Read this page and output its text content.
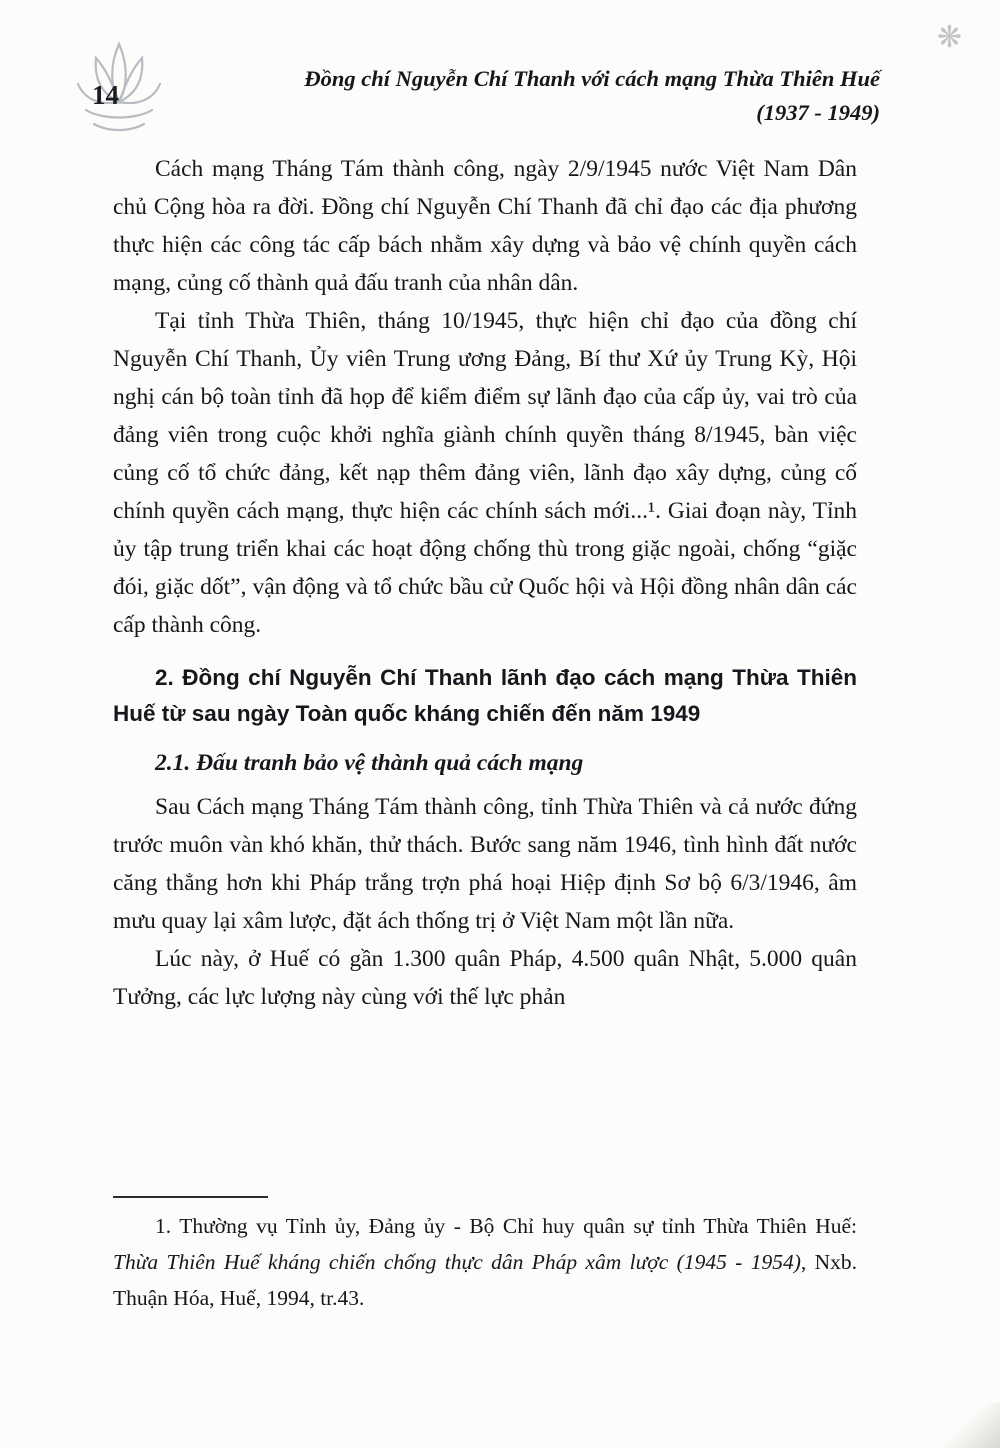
❋
14
Đồng chí Nguyễn Chí Thanh với cách mạng Thừa Thiên Huế
(1937 - 1949)

Cách mạng Tháng Tám thành công, ngày 2/9/1945 nước Việt Nam Dân chủ Cộng hòa ra đời. Đồng chí Nguyễn Chí Thanh đã chỉ đạo các địa phương thực hiện các công tác cấp bách nhằm xây dựng và bảo vệ chính quyền cách mạng, củng cố thành quả đấu tranh của nhân dân.

Tại tỉnh Thừa Thiên, tháng 10/1945, thực hiện chỉ đạo của đồng chí Nguyễn Chí Thanh, Ủy viên Trung ương Đảng, Bí thư Xứ ủy Trung Kỳ, Hội nghị cán bộ toàn tỉnh đã họp để kiểm điểm sự lãnh đạo của cấp ủy, vai trò của đảng viên trong cuộc khởi nghĩa giành chính quyền tháng 8/1945, bàn việc củng cố tổ chức đảng, kết nạp thêm đảng viên, lãnh đạo xây dựng, củng cố chính quyền cách mạng, thực hiện các chính sách mới...¹. Giai đoạn này, Tỉnh ủy tập trung triển khai các hoạt động chống thù trong giặc ngoài, chống “giặc đói, giặc dốt”, vận động và tổ chức bầu cử Quốc hội và Hội đồng nhân dân các cấp thành công.

2. Đồng chí Nguyễn Chí Thanh lãnh đạo cách mạng Thừa Thiên Huế từ sau ngày Toàn quốc kháng chiến đến năm 1949
2.1. Đấu tranh bảo vệ thành quả cách mạng

Sau Cách mạng Tháng Tám thành công, tỉnh Thừa Thiên và cả nước đứng trước muôn vàn khó khăn, thử thách. Bước sang năm 1946, tình hình đất nước căng thẳng hơn khi Pháp trắng trợn phá hoại Hiệp định Sơ bộ 6/3/1946, âm mưu quay lại xâm lược, đặt ách thống trị ở Việt Nam một lần nữa.

Lúc này, ở Huế có gần 1.300 quân Pháp, 4.500 quân Nhật, 5.000 quân Tưởng, các lực lượng này cùng với thế lực phản

1. Thường vụ Tỉnh ủy, Đảng ủy - Bộ Chỉ huy quân sự tỉnh Thừa Thiên Huế: Thừa Thiên Huế kháng chiến chống thực dân Pháp xâm lược (1945 - 1954), Nxb. Thuận Hóa, Huế, 1994, tr.43.
